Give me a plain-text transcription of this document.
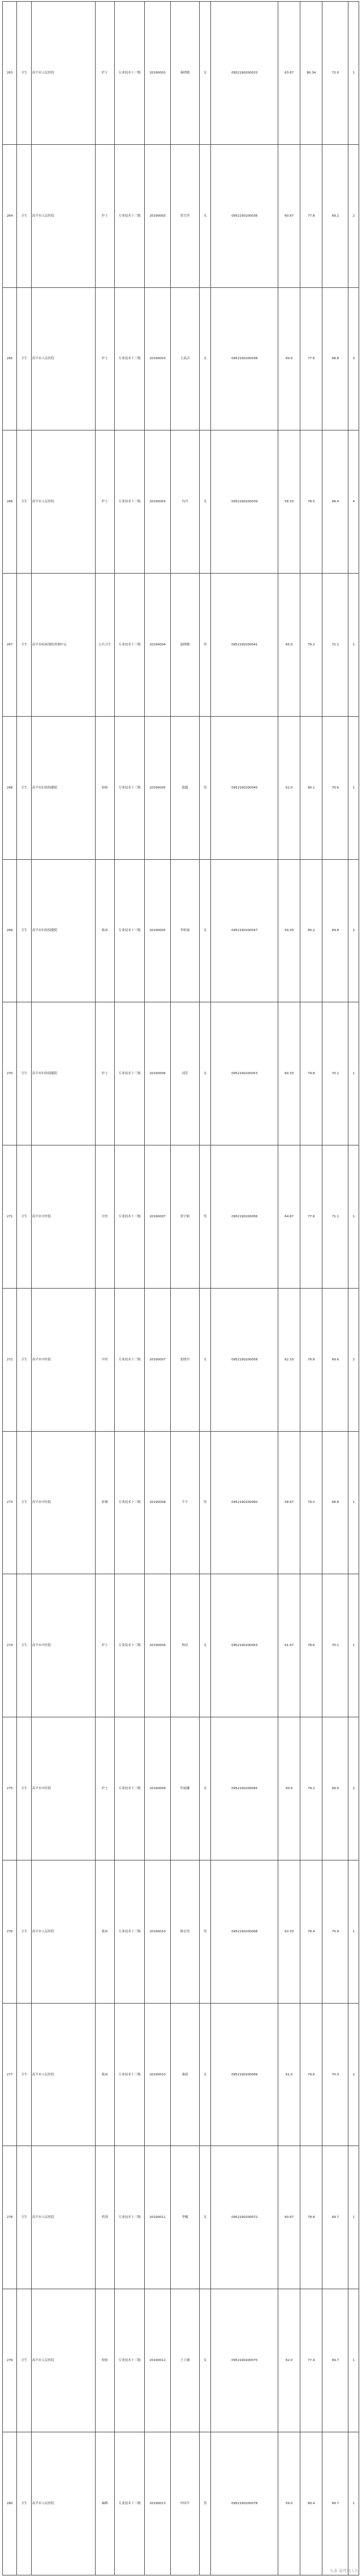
263	卫生	高平市人民医院	护士	专业技术十三级	20190003	秦晓敏	女	0952190200033	63.67	80.34	72.0	1
264	卫生	高平市人民医院	护士	专业技术十三级	20190003	常雪萍	女	0952190200036	60.67	77.8	69.2	2
265	卫生	高平市人民医院	护士	专业技术十三级	20190003	王武洁	女	0952190200038	60.0	77.6	68.8	3
266	卫生	高平市人民医院	护士	专业技术十三级	20190003	冯丹	女	0952190200039	58.33	78.5	68.4	4
267	卫生	高平市疾病预防控制中心	公共卫生	专业技术十三级	20190004	赵晓刚	男	0952190200041	65.0	79.2	72.1	1
268	卫生	高平市妇幼保健院	检验	专业技术十三级	20190005	郭超	男	0952190200045	61.0	80.1	70.6	1
269	卫生	高平市妇幼保健院	临床	专业技术十三级	20190005	李彩丽	女	0952190200047	59.33	80.2	69.8	2
270	卫生	高平市妇幼保健院	护士	专业技术十三级	20190006	刘芳	女	0952190200053	60.33	79.8	70.1	1
271	卫生	高平市中医院	中医	专业技术十三级	20190007	常宇航	男	0952190200056	64.67	77.6	71.1	1
272	卫生	高平市中医院	中医	专业技术十三级	20190007	张晓丹	女	0952190200058	62.33	76.8	69.6	2
273	卫生	高平市中医院	影像	专业技术十三级	20190008	牛宇	男	0952190200060	58.67	79.0	68.8	1
274	卫生	高平市中医院	护士	专业技术十三级	20190009	杨佳	女	0952190200063	61.67	78.6	70.1	1
275	卫生	高平市中医院	护士	专业技术十三级	20190009	毕丽娜	女	0952190200065	60.0	79.2	69.6	2
276	卫生	高平市人民医院	临床	专业技术十三级	20190010	陈宏伟	男	0952190200068	63.33	78.4	70.9	1
277	卫生	高平市人民医院	临床	专业技术十三级	20190010	秦雨	女	0952190200069	61.0	79.6	70.3	2
278	卫生	高平市人民医院	药剂	专业技术十三级	20190011	李娜	女	0952190200072	60.67	78.8	69.7	1
279	卫生	高平市人民医院	检验	专业技术十三级	20190012	王子涵	女	0952190200075	62.0	77.4	69.7	1
280	卫生	高平市人民医院	麻醉	专业技术十三级	20190013	申国平	男	0952190200078	59.0	80.4	69.7	1
头条 @晋城人社
